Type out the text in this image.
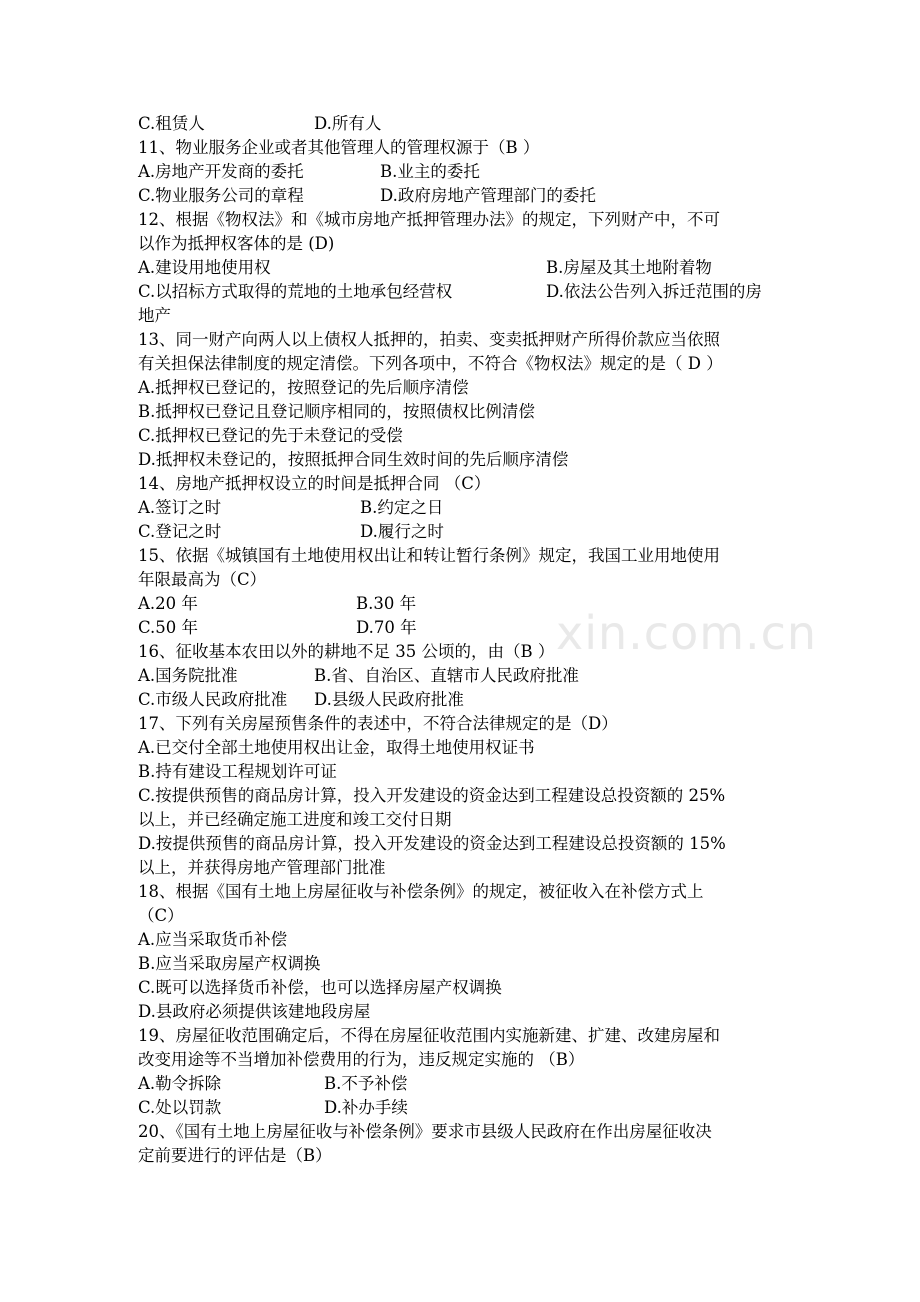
xin.com.cn
C.租赁人	D.所有人
11、物业服务企业或者其他管理人的管理权源于（B ）
A.房地产开发商的委托	B.业主的委托
C.物业服务公司的章程	D.政府房地产管理部门的委托
12、根据《物权法》和《城市房地产抵押管理办法》的规定，下列财产中，不可
以作为抵押权客体的是 (D)
A.建设用地使用权	B.房屋及其土地附着物
C.以招标方式取得的荒地的土地承包经营权	D.依法公告列入拆迁范围的房
地产
13、同一财产向两人以上债权人抵押的，拍卖、变卖抵押财产所得价款应当依照
有关担保法律制度的规定清偿。下列各项中，不符合《物权法》规定的是（ D ）
A.抵押权已登记的，按照登记的先后顺序清偿
B.抵押权已登记且登记顺序相同的，按照债权比例清偿
C.抵押权已登记的先于未登记的受偿
D.抵押权未登记的，按照抵押合同生效时间的先后顺序清偿
14、房地产抵押权设立的时间是抵押合同 （C）
A.签订之时	B.约定之日
C.登记之时	D.履行之时
15、依据《城镇国有土地使用权出让和转让暂行条例》规定，我国工业用地使用
年限最高为（C）
A.20 年	B.30 年
C.50 年	D.70 年
16、征收基本农田以外的耕地不足 35 公顷的，由（B ）
A.国务院批准	B.省、自治区、直辖市人民政府批准
C.市级人民政府批准 D.县级人民政府批准
17、下列有关房屋预售条件的表述中，不符合法律规定的是（D）
A.已交付全部土地使用权出让金，取得土地使用权证书
B.持有建设工程规划许可证
C.按提供预售的商品房计算，投入开发建设的资金达到工程建设总投资额的 25%
以上，并已经确定施工进度和竣工交付日期
D.按提供预售的商品房计算，投入开发建设的资金达到工程建设总投资额的 15%
以上，并获得房地产管理部门批准
18、根据《国有土地上房屋征收与补偿条例》的规定，被征收入在补偿方式上
（C）
A.应当采取货币补偿
B.应当采取房屋产权调换
C.既可以选择货币补偿，也可以选择房屋产权调换
D.县政府必须提供该建地段房屋
19、房屋征收范围确定后，不得在房屋征收范围内实施新建、扩建、改建房屋和
改变用途等不当增加补偿费用的行为，违反规定实施的 （B）
A.勒令拆除	B.不予补偿
C.处以罚款	D.补办手续
20、《国有土地上房屋征收与补偿条例》要求市县级人民政府在作出房屋征收决
定前要进行的评估是（B）
